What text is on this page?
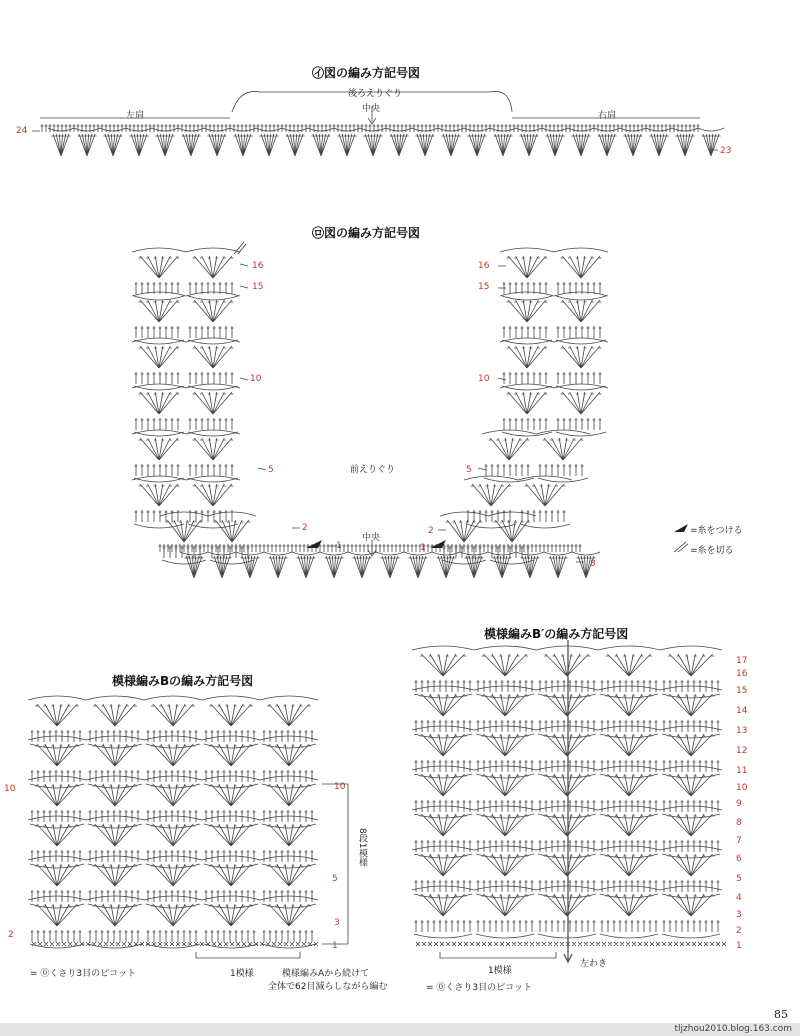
㋑図の編み方記号図
後ろえりぐり
中央
左肩	右肩
24
23
㋺図の編み方記号図
前えりぐり
中央
16
15
10
5
2
1
16
15
10
5
2
1
8
=糸をつける
=糸を切る
模様編みBの編み方記号図
10
2
10
5
3
1
8段1模様
1模様
= ⓪くさり3目のピコット	模様編みAから続けて
全体で62目減らしながら編む
模様編みB′の編み方記号図
17
16
15
14
13
12
11
10
9
8
7
6
5
4
3
2
1
1模様
左わき
= ⓪くさり3目のピコット
85
tljzhou2010.blog.163.com
